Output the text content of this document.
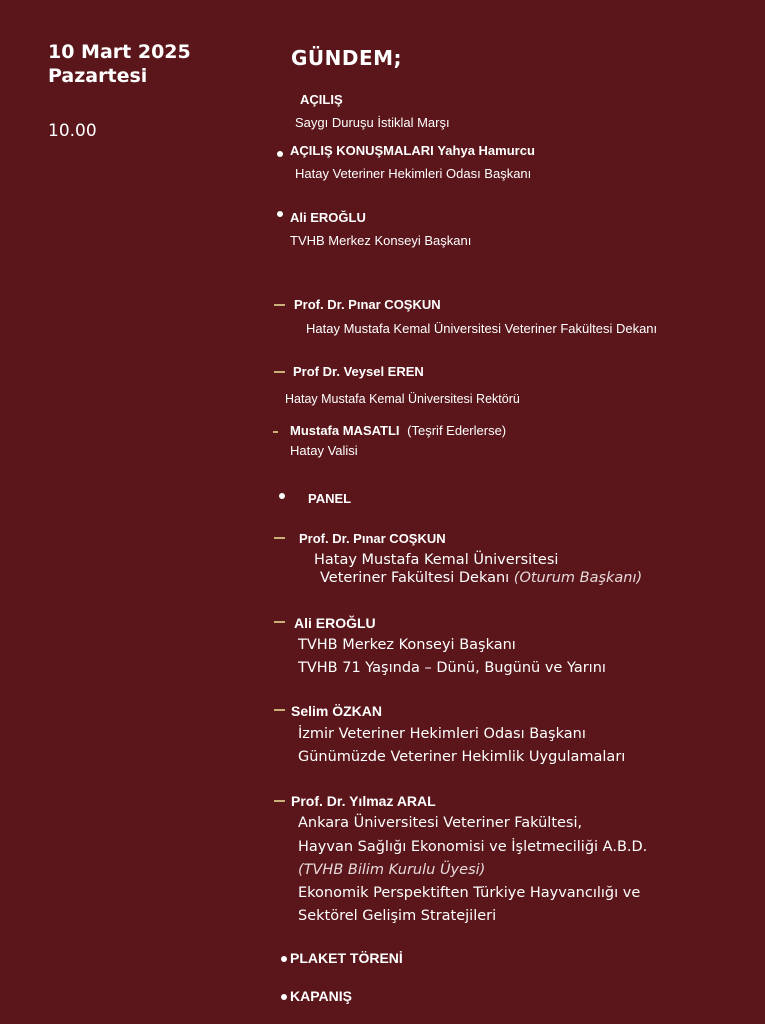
10 Mart 2025
Pazartesi
10.00
GÜNDEM;
AÇILIŞ
Saygı Duruşu İstiklal Marşı
AÇILIŞ KONUŞMALARI Yahya Hamurcu
Hatay Veteriner Hekimleri Odası Başkanı
Ali EROĞLU
TVHB Merkez Konseyi Başkanı
Prof. Dr. Pınar COŞKUN
Hatay Mustafa Kemal Üniversitesi Veteriner Fakültesi Dekanı
Prof Dr. Veysel EREN
Hatay Mustafa Kemal Üniversitesi Rektörü
Mustafa MASATLI (Teşrif Ederlerse)
Hatay Valisi
PANEL
Prof. Dr. Pınar COŞKUN
Hatay Mustafa Kemal Üniversitesi
Veteriner Fakültesi Dekanı (Oturum Başkanı)
Ali EROĞLU
TVHB Merkez Konseyi Başkanı
TVHB 71 Yaşında – Dünü, Bugünü ve Yarını
Selim ÖZKAN
İzmir Veteriner Hekimleri Odası Başkanı
Günümüzde Veteriner Hekimlik Uygulamaları
Prof. Dr. Yılmaz ARAL
Ankara Üniversitesi Veteriner Fakültesi,
Hayvan Sağlığı Ekonomisi ve İşletmeciliği A.B.D.
(TVHB Bilim Kurulu Üyesi)
Ekonomik Perspektiften Türkiye Hayvancılığı ve
Sektörel Gelişim Stratejileri
PLAKET TÖRENİ
KAPANIŞ
